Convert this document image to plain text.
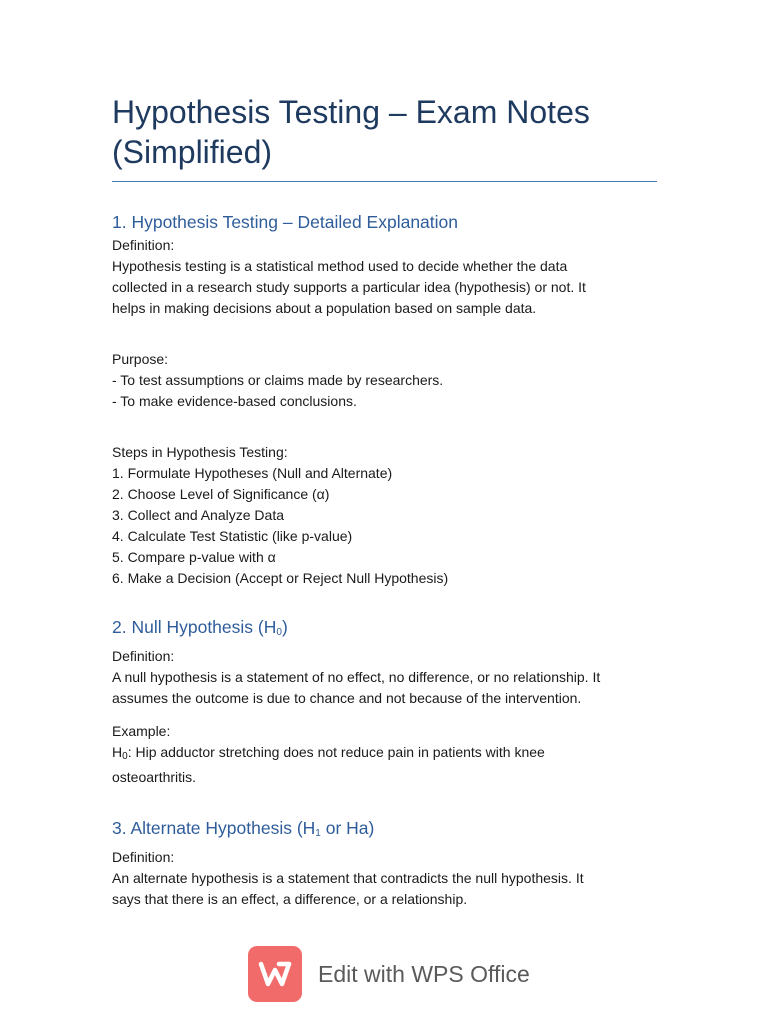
Hypothesis Testing – Exam Notes
(Simplified)
1. Hypothesis Testing – Detailed Explanation

Definition:

Hypothesis testing is a statistical method used to decide whether the data

collected in a research study supports a particular idea (hypothesis) or not. It

helps in making decisions about a population based on sample data.

Purpose:

- To test assumptions or claims made by researchers.

- To make evidence-based conclusions.

Steps in Hypothesis Testing:

1. Formulate Hypotheses (Null and Alternate)

2. Choose Level of Significance (α)

3. Collect and Analyze Data

4. Calculate Test Statistic (like p-value)

5. Compare p-value with α

6. Make a Decision (Accept or Reject Null Hypothesis)

2. Null Hypothesis $(H_0)$

Definition:

A null hypothesis is a statement of no effect, no difference, or no relationship. It

assumes the outcome is due to chance and not because of the intervention.

Example:

$H_0$: Hip adductor stretching does not reduce pain in patients with knee

osteoarthritis.

3. Alternate Hypothesis ($H_1$ or Ha)

Definition:

An alternate hypothesis is a statement that contradicts the null hypothesis. It

says that there is an effect, a difference, or a relationship.

Edit with WPS Office
